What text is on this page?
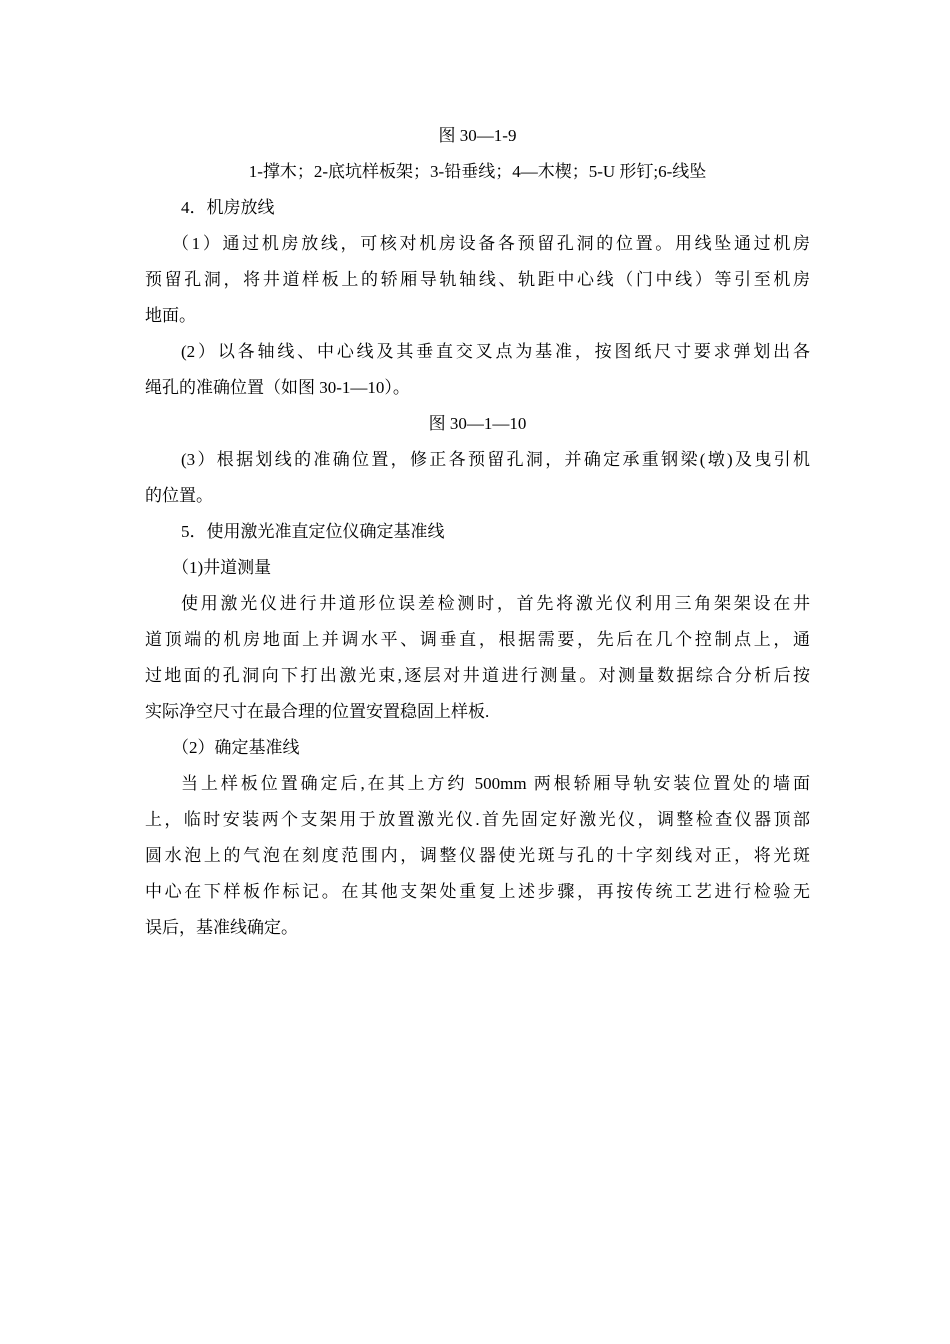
图 30—1-9
1-撑木；2-底坑样板架；3-铅垂线；4—木楔；5-U 形钉;6-线坠
4．机房放线
（1）通过机房放线，可核对机房设备各预留孔洞的位置。用线坠通过机房
预留孔洞，将井道样板上的轿厢导轨轴线、轨距中心线（门中线）等引至机房
地面。
(2）以各轴线、中心线及其垂直交叉点为基准，按图纸尺寸要求弹划出各
绳孔的准确位置（如图 30-1—10）。
图 30—1—10
(3）根据划线的准确位置，修正各预留孔洞，并确定承重钢梁(墩)及曳引机
的位置。
5．使用激光准直定位仪确定基准线
（1)井道测量
使用激光仪进行井道形位误差检测时，首先将激光仪利用三角架架设在井
道顶端的机房地面上并调水平、调垂直，根据需要，先后在几个控制点上，通
过地面的孔洞向下打出激光束,逐层对井道进行测量。对测量数据综合分析后按
实际净空尺寸在最合理的位置安置稳固上样板.
（2）确定基准线
当上样板位置确定后,在其上方约 500mm 两根轿厢导轨安装位置处的墙面
上，临时安装两个支架用于放置激光仪.首先固定好激光仪，调整检查仪器顶部
圆水泡上的气泡在刻度范围内，调整仪器使光斑与孔的十字刻线对正，将光斑
中心在下样板作标记。在其他支架处重复上述步骤，再按传统工艺进行检验无
误后，基准线确定。
